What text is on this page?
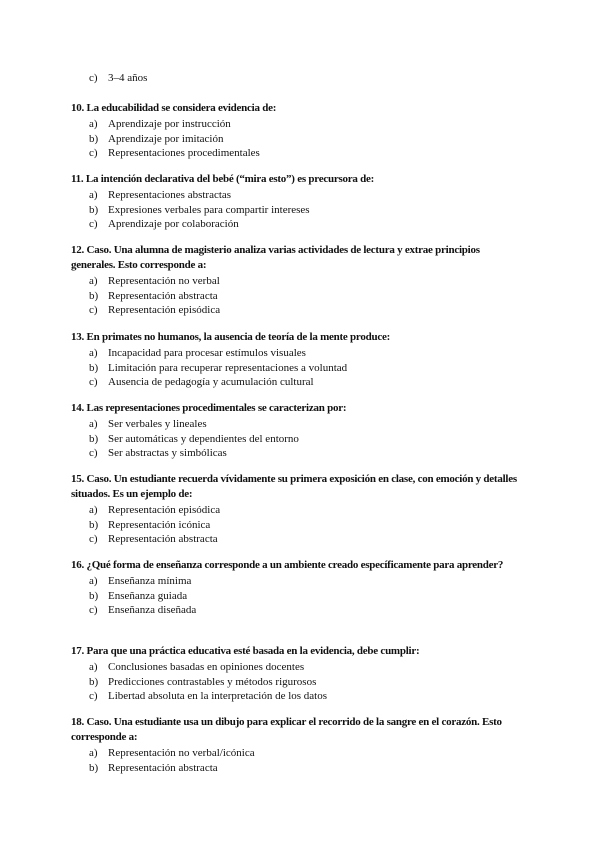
c) 3–4 años

10. La educabilidad se considera evidencia de:

a) Aprendizaje por instrucción
b) Aprendizaje por imitación
c) Representaciones procedimentales

11. La intención declarativa del bebé (“mira esto”) es precursora de:

a) Representaciones abstractas
b) Expresiones verbales para compartir intereses
c) Aprendizaje por colaboración

12. Caso. Una alumna de magisterio analiza varias actividades de lectura y extrae principios generales. Esto corresponde a:

a) Representación no verbal
b) Representación abstracta
c) Representación episódica

13. En primates no humanos, la ausencia de teoría de la mente produce:

a) Incapacidad para procesar estímulos visuales
b) Limitación para recuperar representaciones a voluntad
c) Ausencia de pedagogía y acumulación cultural

14. Las representaciones procedimentales se caracterizan por:

a) Ser verbales y lineales
b) Ser automáticas y dependientes del entorno
c) Ser abstractas y simbólicas

15. Caso. Un estudiante recuerda vívidamente su primera exposición en clase, con emoción y detalles situados. Es un ejemplo de:

a) Representación episódica
b) Representación icónica
c) Representación abstracta

16. ¿Qué forma de enseñanza corresponde a un ambiente creado específicamente para aprender?

a) Enseñanza mínima
b) Enseñanza guiada
c) Enseñanza diseñada

17. Para que una práctica educativa esté basada en la evidencia, debe cumplir:

a) Conclusiones basadas en opiniones docentes
b) Predicciones contrastables y métodos rigurosos
c) Libertad absoluta en la interpretación de los datos

18. Caso. Una estudiante usa un dibujo para explicar el recorrido de la sangre en el corazón. Esto corresponde a:

a) Representación no verbal/icónica
b) Representación abstracta
